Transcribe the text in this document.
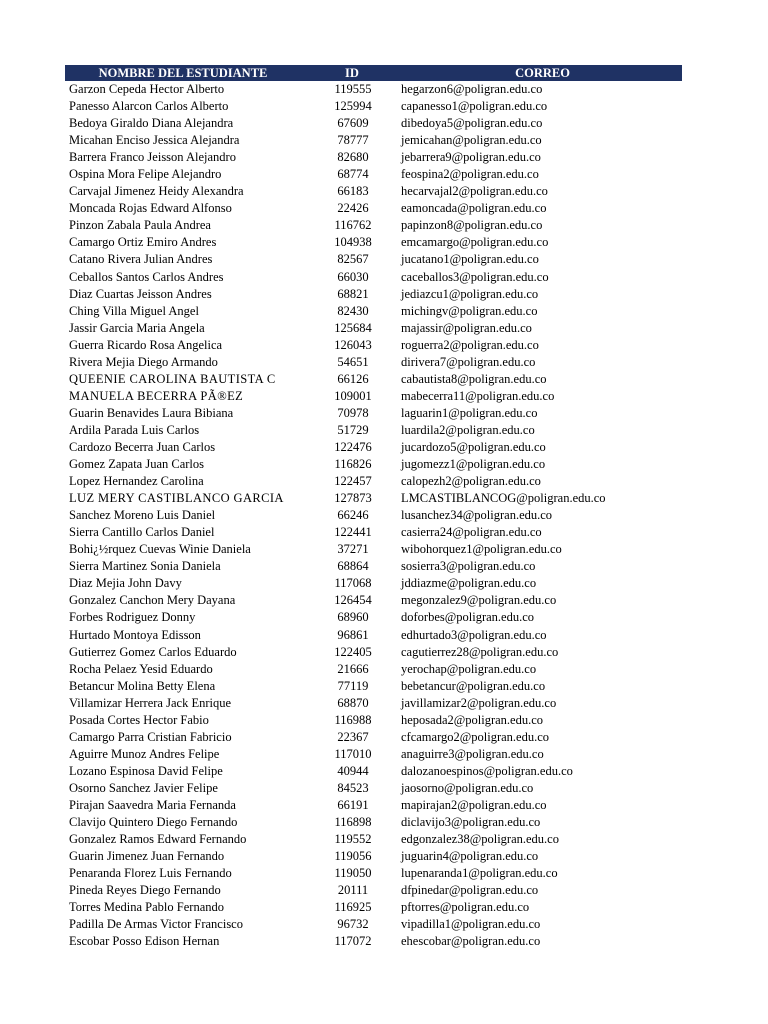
NOMBRE DEL ESTUDIANTE	ID	CORREO
Garzon Cepeda Hector Alberto	119555	hegarzon6@poligran.edu.co
Panesso Alarcon Carlos Alberto	125994	capanesso1@poligran.edu.co
Bedoya Giraldo Diana Alejandra	67609	dibedoya5@poligran.edu.co
Micahan Enciso Jessica Alejandra	78777	jemicahan@poligran.edu.co
Barrera Franco Jeisson Alejandro	82680	jebarrera9@poligran.edu.co
Ospina Mora Felipe Alejandro	68774	feospina2@poligran.edu.co
Carvajal Jimenez Heidy Alexandra	66183	hecarvajal2@poligran.edu.co
Moncada Rojas Edward Alfonso	22426	eamoncada@poligran.edu.co
Pinzon Zabala Paula Andrea	116762	papinzon8@poligran.edu.co
Camargo Ortiz Emiro Andres	104938	emcamargo@poligran.edu.co
Catano Rivera Julian Andres	82567	jucatano1@poligran.edu.co
Ceballos Santos Carlos Andres	66030	caceballos3@poligran.edu.co
Diaz Cuartas Jeisson Andres	68821	jediazcu1@poligran.edu.co
Ching Villa Miguel Angel	82430	michingv@poligran.edu.co
Jassir Garcia Maria Angela	125684	majassir@poligran.edu.co
Guerra Ricardo Rosa Angelica	126043	roguerra2@poligran.edu.co
Rivera Mejia Diego Armando	54651	dirivera7@poligran.edu.co
QUEENIE CAROLINA BAUTISTA C	66126	cabautista8@poligran.edu.co
MANUELA BECERRA PÃ®EZ	109001	mabecerra11@poligran.edu.co
Guarin Benavides Laura Bibiana	70978	laguarin1@poligran.edu.co
Ardila Parada Luis Carlos	51729	luardila2@poligran.edu.co
Cardozo Becerra Juan Carlos	122476	jucardozo5@poligran.edu.co
Gomez Zapata Juan Carlos	116826	jugomezz1@poligran.edu.co
Lopez Hernandez Carolina	122457	calopezh2@poligran.edu.co
LUZ MERY CASTIBLANCO GARCIA	127873	LMCASTIBLANCOG@poligran.edu.co
Sanchez Moreno Luis Daniel	66246	lusanchez34@poligran.edu.co
Sierra Cantillo Carlos Daniel	122441	casierra24@poligran.edu.co
Bohi¿½rquez Cuevas Winie Daniela	37271	wibohorquez1@poligran.edu.co
Sierra Martinez Sonia Daniela	68864	sosierra3@poligran.edu.co
Diaz Mejia John Davy	117068	jddiazme@poligran.edu.co
Gonzalez Canchon Mery Dayana	126454	megonzalez9@poligran.edu.co
Forbes Rodriguez Donny	68960	doforbes@poligran.edu.co
Hurtado Montoya Edisson	96861	edhurtado3@poligran.edu.co
Gutierrez Gomez Carlos Eduardo	122405	cagutierrez28@poligran.edu.co
Rocha Pelaez Yesid Eduardo	21666	yerochap@poligran.edu.co
Betancur Molina Betty Elena	77119	bebetancur@poligran.edu.co
Villamizar Herrera Jack Enrique	68870	javillamizar2@poligran.edu.co
Posada Cortes Hector Fabio	116988	heposada2@poligran.edu.co
Camargo Parra Cristian Fabricio	22367	cfcamargo2@poligran.edu.co
Aguirre Munoz Andres Felipe	117010	anaguirre3@poligran.edu.co
Lozano Espinosa David Felipe	40944	dalozanoespinos@poligran.edu.co
Osorno Sanchez Javier Felipe	84523	jaosorno@poligran.edu.co
Pirajan Saavedra Maria Fernanda	66191	mapirajan2@poligran.edu.co
Clavijo Quintero Diego Fernando	116898	diclavijo3@poligran.edu.co
Gonzalez Ramos Edward Fernando	119552	edgonzalez38@poligran.edu.co
Guarin Jimenez Juan Fernando	119056	juguarin4@poligran.edu.co
Penaranda Florez Luis Fernando	119050	lupenaranda1@poligran.edu.co
Pineda Reyes Diego Fernando	20111	dfpinedar@poligran.edu.co
Torres Medina Pablo Fernando	116925	pftorres@poligran.edu.co
Padilla De Armas Victor Francisco	96732	vipadilla1@poligran.edu.co
Escobar Posso Edison Hernan	117072	ehescobar@poligran.edu.co
